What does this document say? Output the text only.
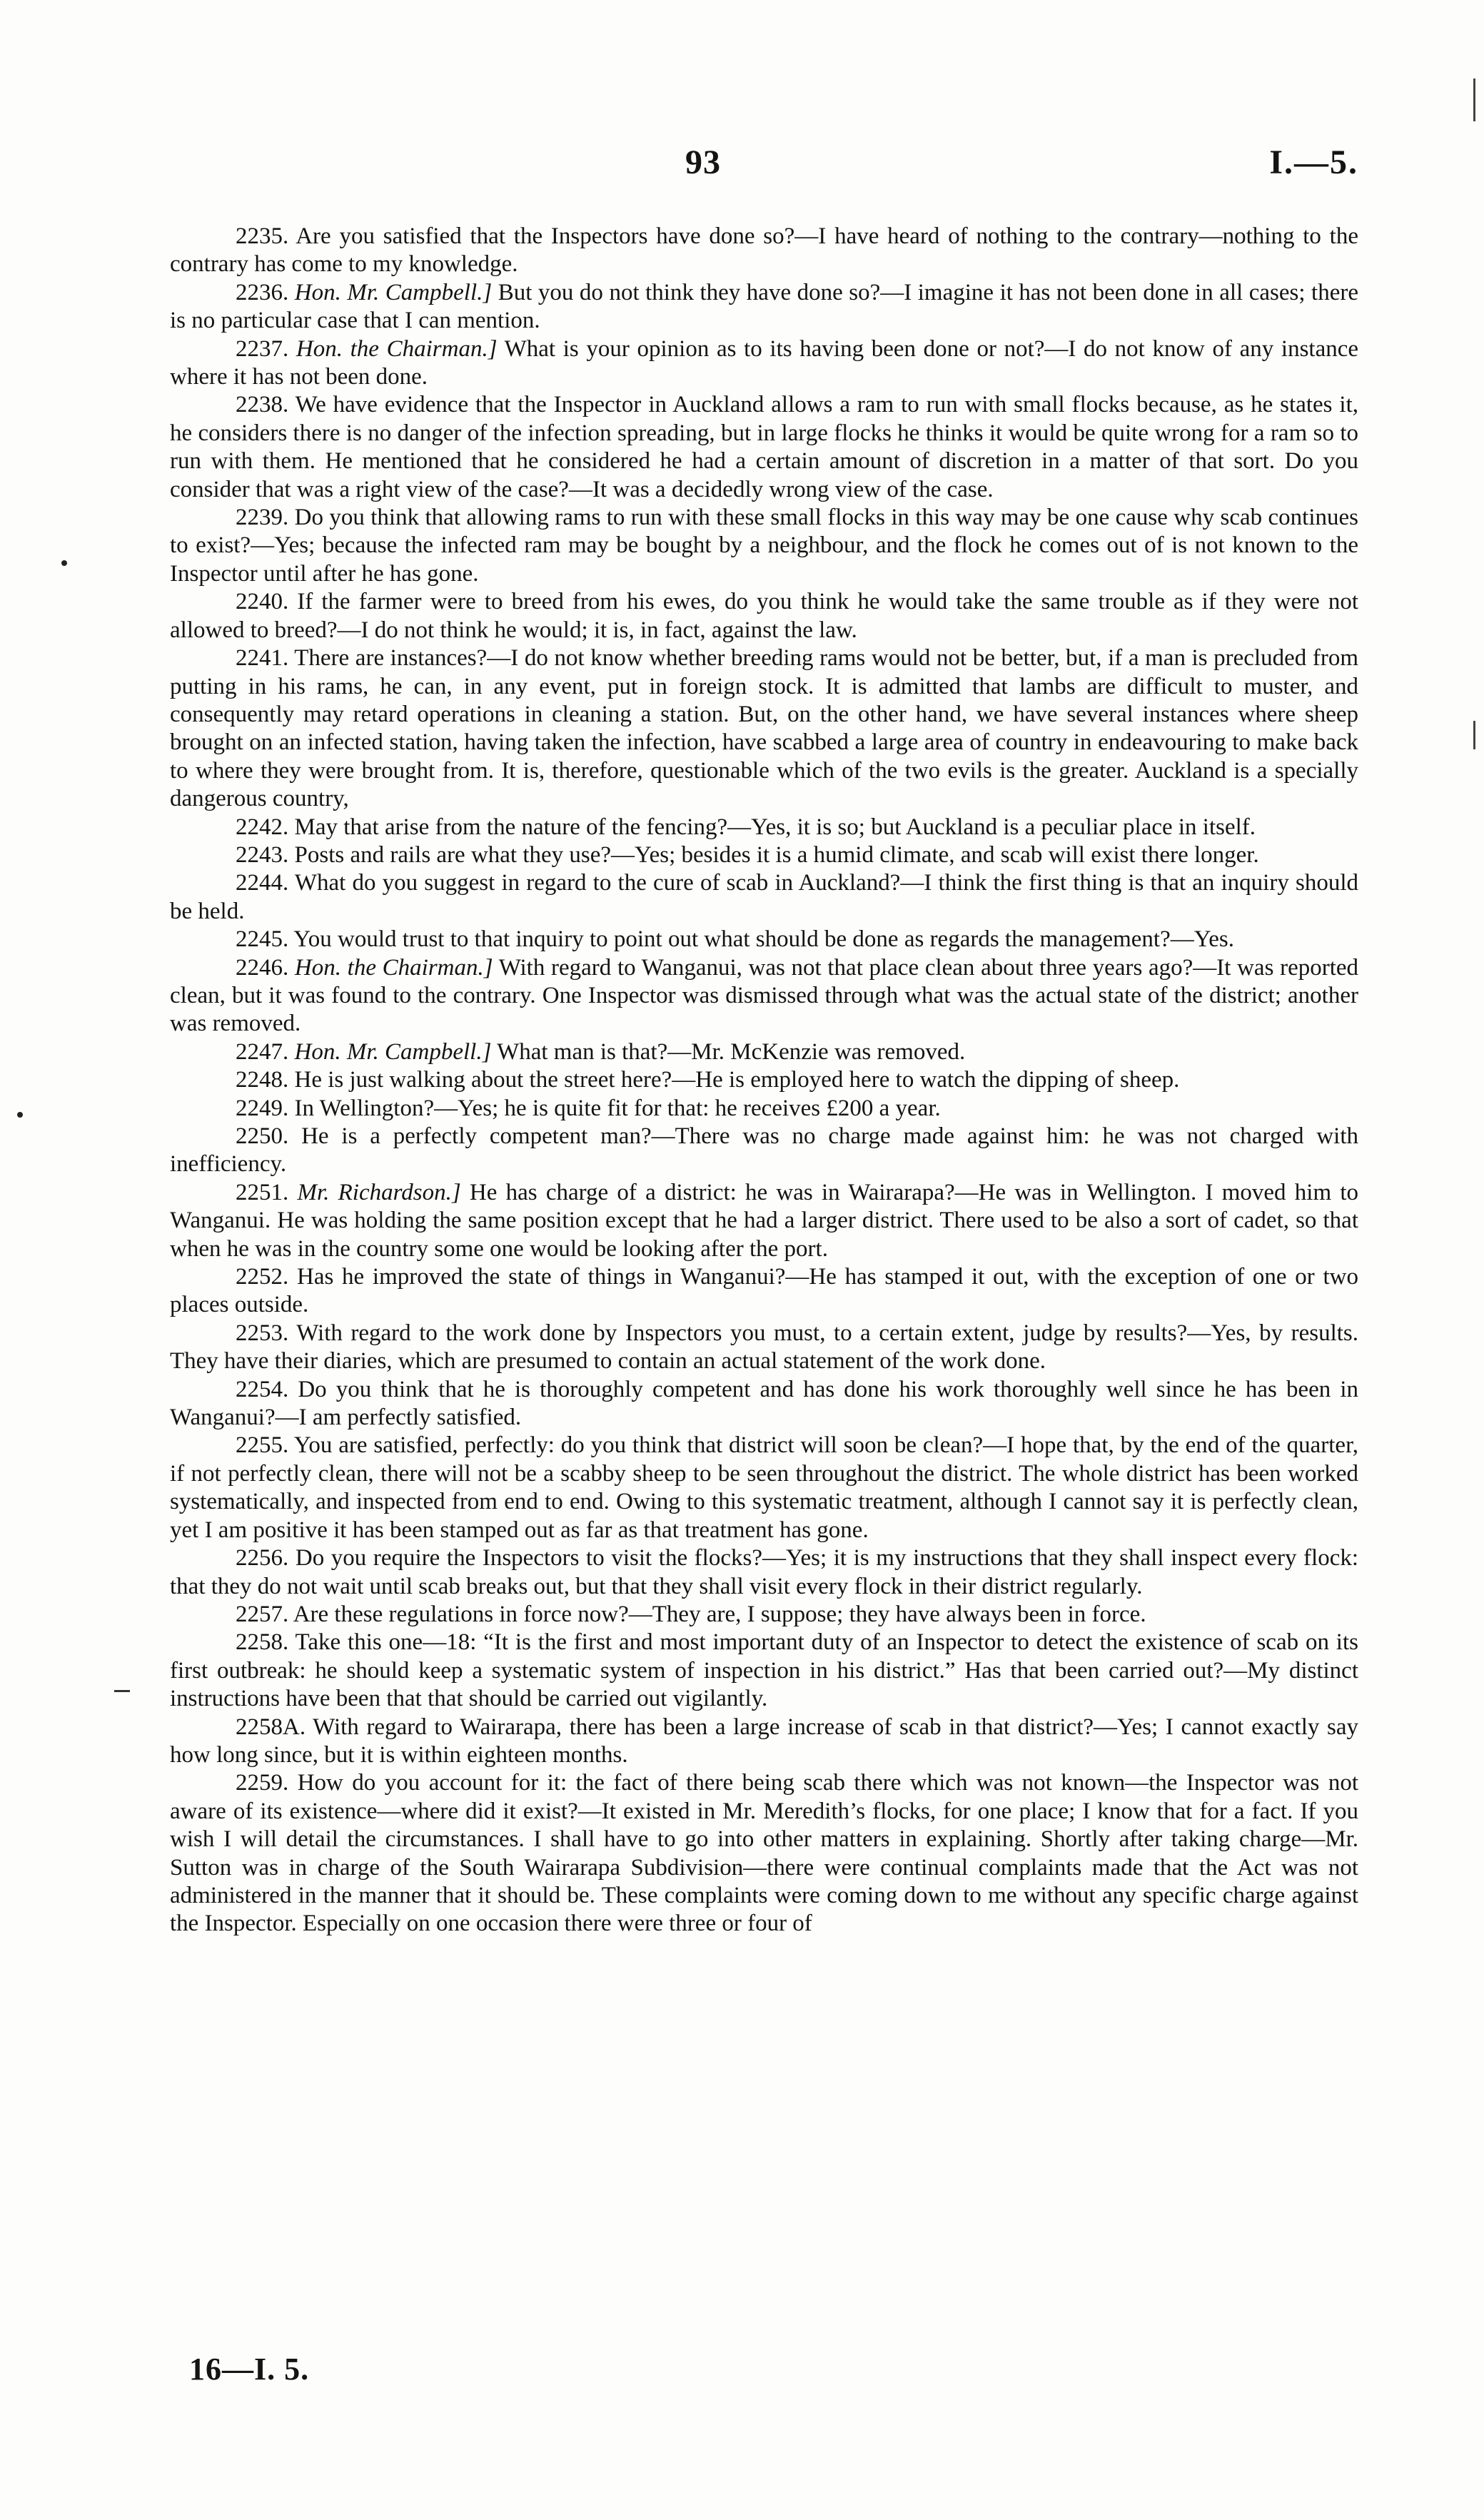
93	I.—5.

2235. Are you satisfied that the Inspectors have done so?—I have heard of nothing to the contrary—nothing to the contrary has come to my knowledge.

2236. Hon. Mr. Campbell.] But you do not think they have done so?—I imagine it has not been done in all cases; there is no particular case that I can mention.

2237. Hon. the Chairman.] What is your opinion as to its having been done or not?—I do not know of any instance where it has not been done.

2238. We have evidence that the Inspector in Auckland allows a ram to run with small flocks because, as he states it, he considers there is no danger of the infection spreading, but in large flocks he thinks it would be quite wrong for a ram so to run with them. He mentioned that he considered he had a certain amount of discretion in a matter of that sort. Do you consider that was a right view of the case?—It was a decidedly wrong view of the case.

2239. Do you think that allowing rams to run with these small flocks in this way may be one cause why scab continues to exist?—Yes; because the infected ram may be bought by a neighbour, and the flock he comes out of is not known to the Inspector until after he has gone.

2240. If the farmer were to breed from his ewes, do you think he would take the same trouble as if they were not allowed to breed?—I do not think he would; it is, in fact, against the law.

2241. There are instances?—I do not know whether breeding rams would not be better, but, if a man is precluded from putting in his rams, he can, in any event, put in foreign stock. It is admitted that lambs are difficult to muster, and consequently may retard operations in cleaning a station. But, on the other hand, we have several instances where sheep brought on an infected station, having taken the infection, have scabbed a large area of country in endeavouring to make back to where they were brought from. It is, therefore, questionable which of the two evils is the greater. Auckland is a specially dangerous country,

2242. May that arise from the nature of the fencing?—Yes, it is so; but Auckland is a peculiar place in itself.

2243. Posts and rails are what they use?—Yes; besides it is a humid climate, and scab will exist there longer.

2244. What do you suggest in regard to the cure of scab in Auckland?—I think the first thing is that an inquiry should be held.

2245. You would trust to that inquiry to point out what should be done as regards the management?—Yes.

2246. Hon. the Chairman.] With regard to Wanganui, was not that place clean about three years ago?—It was reported clean, but it was found to the contrary. One Inspector was dismissed through what was the actual state of the district; another was removed.

2247. Hon. Mr. Campbell.] What man is that?—Mr. McKenzie was removed.

2248. He is just walking about the street here?—He is employed here to watch the dipping of sheep.

2249. In Wellington?—Yes; he is quite fit for that: he receives £200 a year.

2250. He is a perfectly competent man?—There was no charge made against him: he was not charged with inefficiency.

2251. Mr. Richardson.] He has charge of a district: he was in Wairarapa?—He was in Wellington. I moved him to Wanganui. He was holding the same position except that he had a larger district. There used to be also a sort of cadet, so that when he was in the country some one would be looking after the port.

2252. Has he improved the state of things in Wanganui?—He has stamped it out, with the exception of one or two places outside.

2253. With regard to the work done by Inspectors you must, to a certain extent, judge by results?—Yes, by results. They have their diaries, which are presumed to contain an actual statement of the work done.

2254. Do you think that he is thoroughly competent and has done his work thoroughly well since he has been in Wanganui?—I am perfectly satisfied.

2255. You are satisfied, perfectly: do you think that district will soon be clean?—I hope that, by the end of the quarter, if not perfectly clean, there will not be a scabby sheep to be seen throughout the district. The whole district has been worked systematically, and inspected from end to end. Owing to this systematic treatment, although I cannot say it is perfectly clean, yet I am positive it has been stamped out as far as that treatment has gone.

2256. Do you require the Inspectors to visit the flocks?—Yes; it is my instructions that they shall inspect every flock: that they do not wait until scab breaks out, but that they shall visit every flock in their district regularly.

2257. Are these regulations in force now?—They are, I suppose; they have always been in force.

2258. Take this one—18: “It is the first and most important duty of an Inspector to detect the existence of scab on its first outbreak: he should keep a systematic system of inspection in his district.” Has that been carried out?—My distinct instructions have been that that should be carried out vigilantly.

2258A. With regard to Wairarapa, there has been a large increase of scab in that district?—Yes; I cannot exactly say how long since, but it is within eighteen months.

2259. How do you account for it: the fact of there being scab there which was not known—the Inspector was not aware of its existence—where did it exist?—It existed in Mr. Meredith’s flocks, for one place; I know that for a fact. If you wish I will detail the circumstances. I shall have to go into other matters in explaining. Shortly after taking charge—Mr. Sutton was in charge of the South Wairarapa Subdivision—there were continual complaints made that the Act was not administered in the manner that it should be. These complaints were coming down to me without any specific charge against the Inspector. Especially on one occasion there were three or four of

16—I. 5.
